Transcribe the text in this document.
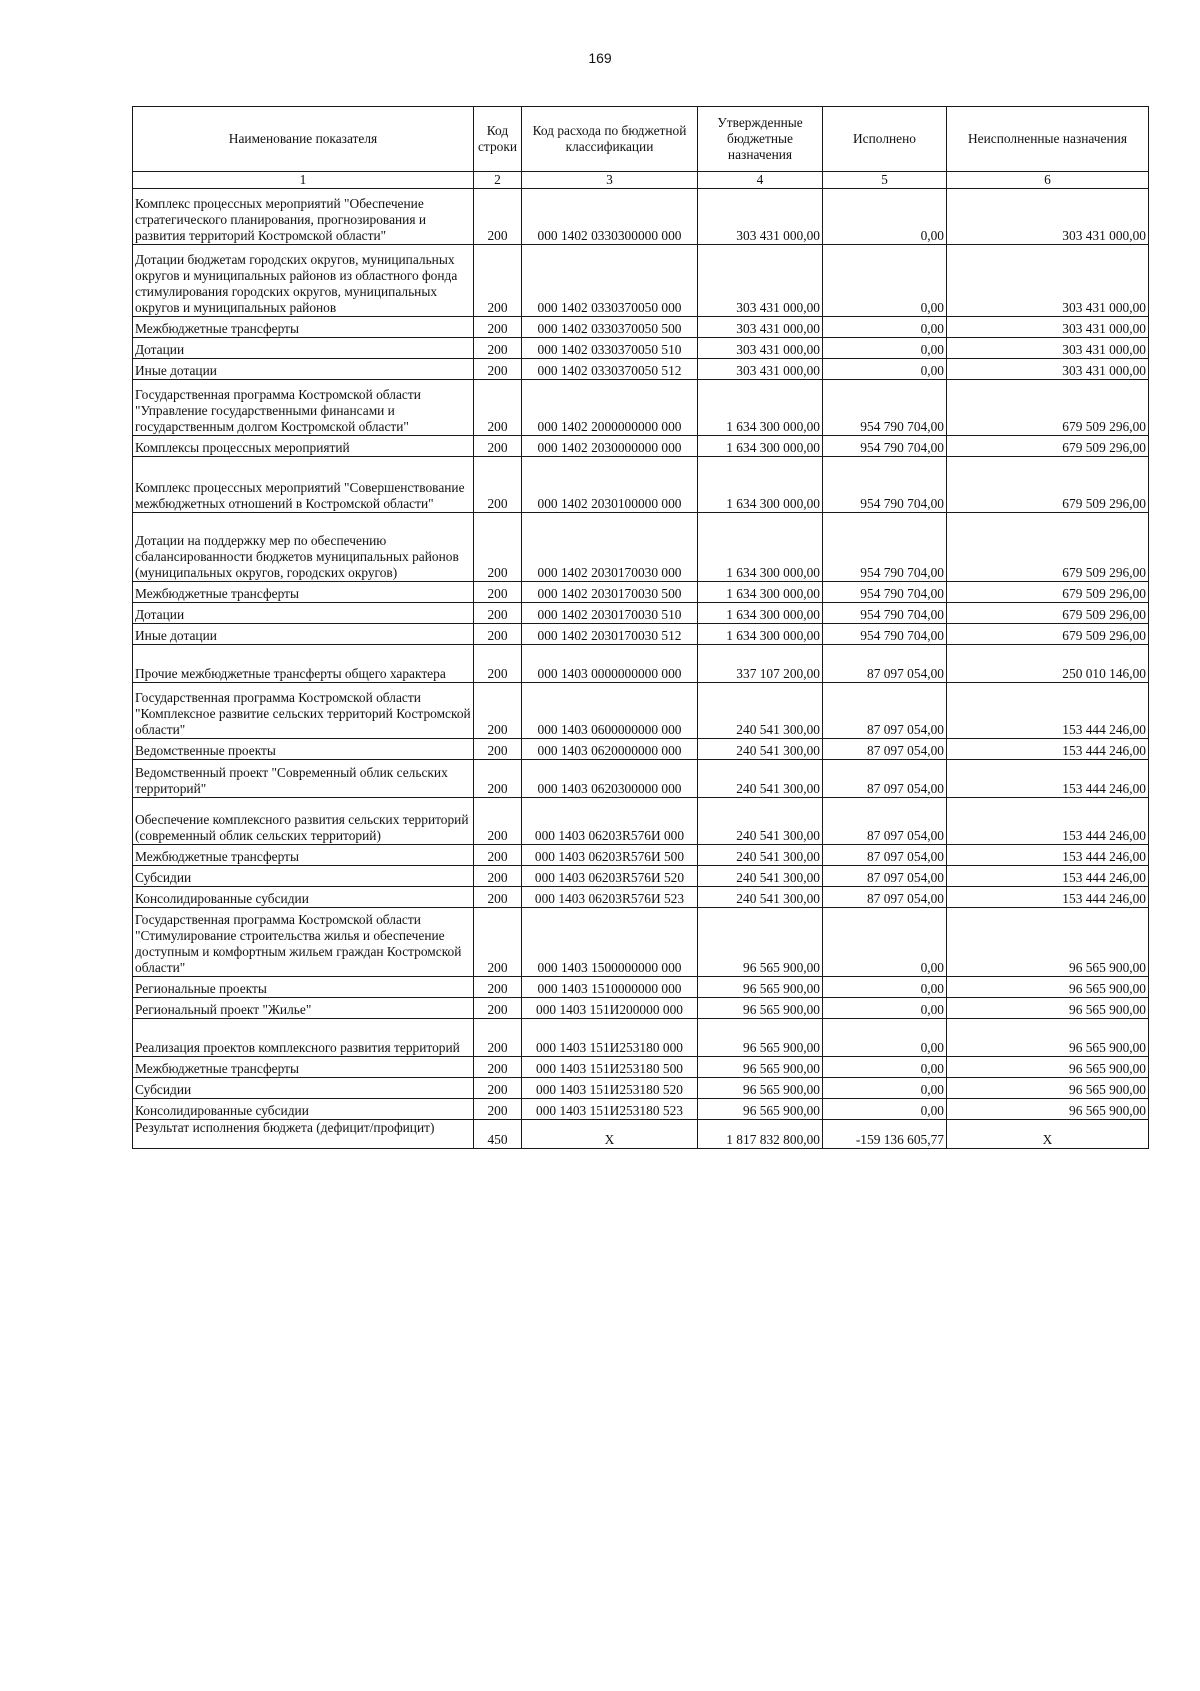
169
Наименование показателя	Код строки	Код расхода по бюджетной классификации	Утвержденные бюджетные назначения	Исполнено	Неисполненные назначения
1	2	3	4	5	6
Комплекс процессных мероприятий "Обеспечение стратегического планирования, прогнозирования и развития территорий Костромской области"	200	000 1402 0330300000 000	303 431 000,00	0,00	303 431 000,00
Дотации бюджетам городских округов, муниципальных округов и муниципальных районов из областного фонда стимулирования городских округов, муниципальных округов и муниципальных районов	200	000 1402 0330370050 000	303 431 000,00	0,00	303 431 000,00
Межбюджетные трансферты	200	000 1402 0330370050 500	303 431 000,00	0,00	303 431 000,00
Дотации	200	000 1402 0330370050 510	303 431 000,00	0,00	303 431 000,00
Иные дотации	200	000 1402 0330370050 512	303 431 000,00	0,00	303 431 000,00
Государственная программа Костромской области "Управление государственными финансами и государственным долгом Костромской области"	200	000 1402 2000000000 000	1 634 300 000,00	954 790 704,00	679 509 296,00
Комплексы процессных мероприятий	200	000 1402 2030000000 000	1 634 300 000,00	954 790 704,00	679 509 296,00
Комплекс процессных мероприятий "Совершенствование межбюджетных отношений в Костромской области"	200	000 1402 2030100000 000	1 634 300 000,00	954 790 704,00	679 509 296,00
Дотации на поддержку мер по обеспечению сбалансированности бюджетов муниципальных районов (муниципальных округов, городских округов)	200	000 1402 2030170030 000	1 634 300 000,00	954 790 704,00	679 509 296,00
Межбюджетные трансферты	200	000 1402 2030170030 500	1 634 300 000,00	954 790 704,00	679 509 296,00
Дотации	200	000 1402 2030170030 510	1 634 300 000,00	954 790 704,00	679 509 296,00
Иные дотации	200	000 1402 2030170030 512	1 634 300 000,00	954 790 704,00	679 509 296,00
Прочие межбюджетные трансферты общего характера	200	000 1403 0000000000 000	337 107 200,00	87 097 054,00	250 010 146,00
Государственная программа Костромской области "Комплексное развитие сельских территорий Костромской области"	200	000 1403 0600000000 000	240 541 300,00	87 097 054,00	153 444 246,00
Ведомственные проекты	200	000 1403 0620000000 000	240 541 300,00	87 097 054,00	153 444 246,00
Ведомственный проект "Современный облик сельских территорий"	200	000 1403 0620300000 000	240 541 300,00	87 097 054,00	153 444 246,00
Обеспечение комплексного развития сельских территорий (современный облик сельских территорий)	200	000 1403 06203R576И 000	240 541 300,00	87 097 054,00	153 444 246,00
Межбюджетные трансферты	200	000 1403 06203R576И 500	240 541 300,00	87 097 054,00	153 444 246,00
Субсидии	200	000 1403 06203R576И 520	240 541 300,00	87 097 054,00	153 444 246,00
Консолидированные субсидии	200	000 1403 06203R576И 523	240 541 300,00	87 097 054,00	153 444 246,00
Государственная программа Костромской области "Стимулирование строительства жилья и обеспечение доступным и комфортным жильем граждан Костромской области"	200	000 1403 1500000000 000	96 565 900,00	0,00	96 565 900,00
Региональные проекты	200	000 1403 1510000000 000	96 565 900,00	0,00	96 565 900,00
Региональный проект "Жилье"	200	000 1403 151И200000 000	96 565 900,00	0,00	96 565 900,00
Реализация проектов комплексного развития территорий	200	000 1403 151И253180 000	96 565 900,00	0,00	96 565 900,00
Межбюджетные трансферты	200	000 1403 151И253180 500	96 565 900,00	0,00	96 565 900,00
Субсидии	200	000 1403 151И253180 520	96 565 900,00	0,00	96 565 900,00
Консолидированные субсидии	200	000 1403 151И253180 523	96 565 900,00	0,00	96 565 900,00
Результат исполнения бюджета (дефицит/профицит)	450	X	1 817 832 800,00	-159 136 605,77	X
